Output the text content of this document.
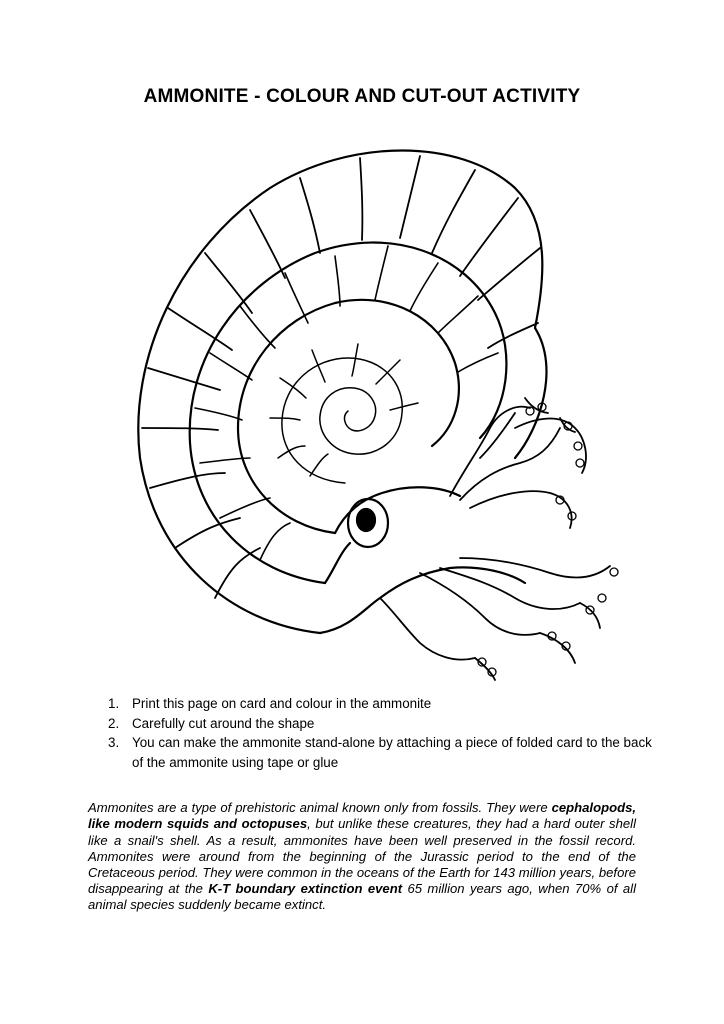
AMMONITE - COLOUR AND CUT-OUT ACTIVITY
1. Print this page on card and colour in the ammonite
2. Carefully cut around the shape
3. You can make the ammonite stand-alone by attaching a piece of folded card to the back of the ammonite using tape or glue

Ammonites are a type of prehistoric animal known only from fossils. They were cephalopods, like modern squids and octopuses, but unlike these creatures, they had a hard outer shell like a snail's shell. As a result, ammonites have been well preserved in the fossil record. Ammonites were around from the beginning of the Jurassic period to the end of the Cretaceous period. They were common in the oceans of the Earth for 143 million years, before disappearing at the K-T boundary extinction event 65 million years ago, when 70% of all animal species suddenly became extinct.
